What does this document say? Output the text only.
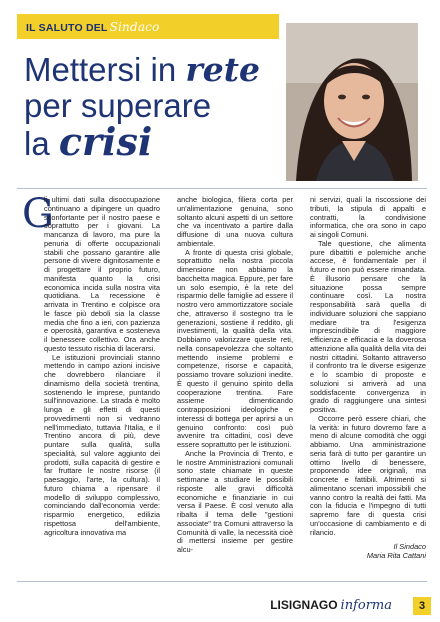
IL SALUTO DEL Sindaco
Mettersi in rete
per superare
la crisi
G

li ultimi dati sulla disoccupazione continuano a dipingere un quadro sconfortante per il nostro paese e soprattutto per i giovani. La mancanza di lavoro, ma pure la penuria di offerte occupazionali stabili che possano garantire alle persone di vivere dignitosamente e di progettare il proprio futuro, manifesta quanto la crisi economica incida sulla nostra vita quotidiana. La recessione è arrivata in Trentino e colpisce ora le fasce più deboli sia la classe media che fino a ieri, con pazienza e operosità, garantiva e sosteneva il benessere collettivo. Ora anche questo tessuto rischia di lacerarsi.

Le istituzioni provinciali stanno mettendo in campo azioni incisive che dovrebbero rilanciare il dinamismo della società trentina, sostenendo le imprese, puntando sull'innovazione. La strada è molto lunga e gli effetti di questi provvedimenti non si vedranno nell'immediato, tuttavia l'Italia, e il Trentino ancora di più, deve puntare sulla qualità, sulla specialità, sul valore aggiunto dei prodotti, sulla capacità di gestire e far fruttare le nostre risorse (il paesaggio, l'arte, la cultura). Il futuro chiama a ripensare il modello di sviluppo complessivo, cominciando dall'economia verde: risparmio energetico, edilizia rispettosa dell'ambiente, agricoltura innovativa ma

anche biologica, filiera corta per un'alimentazione genuina, sono soltanto alcuni aspetti di un settore che va incentivato a partire dalla diffusione di una nuova cultura ambientale.

A fronte di questa crisi globale, soprattutto nella nostra piccola dimensione non abbiamo la bacchetta magica. Eppure, per fare un solo esempio, è la rete del risparmio delle famiglie ad essere il nostro vero ammortizzatore sociale che, attraverso il sostegno tra le generazioni, sostiene il reddito, gli investimenti, la qualità della vita. Dobbiamo valorizzare queste reti, nella consapevolezza che soltanto mettendo insieme problemi e competenze, risorse e capacità, possiamo trovare soluzioni inedite. È questo il genuino spirito della cooperazione trentina. Fare assieme dimenticando contrapposizioni ideologiche e interessi di bottega per aprirsi a un genuino confronto: così può avvenire tra cittadini, così deve essere soprattutto per le istituzioni.

Anche la Provincia di Trento, e le nostre Amministrazioni comunali sono state chiamate in queste settimane a studiare le possibili risposte alle gravi difficoltà economiche e finanziarie in cui versa il Paese. È così venuto alla ribalta il tema delle "gestioni associate" tra Comuni attraverso la Comunità di valle, la necessità cioè di mettersi insieme per gestire alcu-

ni servizi, quali la riscossione dei tributi, la stipula di appalti e contratti, la condivisione informatica, che ora sono in capo ai singoli Comuni.

Tale questione, che alimenta pure dibattiti e polemiche anche accese, è fondamentale per il futuro e non può essere rimandata. È illusorio pensare che la situazione possa sempre continuare così. La nostra responsabilità sarà quella di individuare soluzioni che sappiano mediare tra l'esigenza imprescindibile di maggiore efficienza e efficacia e la doverosa attenzione alla qualità della vita dei nostri cittadini. Soltanto attraverso il confronto tra le diverse esigenze e lo scambio di proposte e soluzioni si arriverà ad una soddisfacente convergenza in grado di raggiungere una sintesi positiva.

Occorre però essere chiari, che la verità: in futuro dovremo fare a meno di alcune comodità che oggi abbiamo. Una amministrazione seria farà di tutto per garantire un ottimo livello di benessere, proponendo idee originali, ma concrete e fattibili. Altrimenti si alimentano scenari impossibili che vanno contro la realtà dei fatti. Ma con la fiducia e l'impegno di tutti sapremo fare di questa crisi un'occasione di cambiamento e di rilancio.

Il Sindaco
Maria Rita Cattani
LISIGNAGO informa	3
